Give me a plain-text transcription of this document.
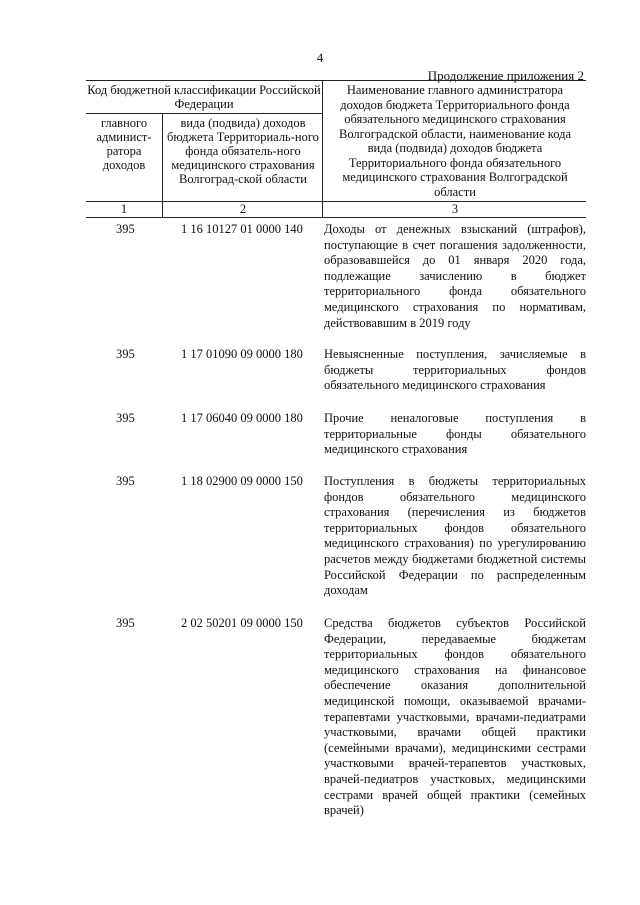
4
Продолжение приложения 2
Код бюджетной классификации Российской Федерации
главного админист-ратора доходов
вида (подвида) доходов бюджета Территориаль-ного фонда обязатель-ного медицинского страхования Волгоград-ской области
Наименование главного администратора доходов бюджета Территориального фонда обязательного медицинского страхования Волгоградской области, наименование кода вида (подвида) доходов бюджета Территориального фонда обязательного медицинского страхования Волгоградской области
1	2	3
395	1 16 10127 01 0000 140	Доходы от денежных взысканий (штрафов), поступающие в счет погашения задолженности, образовавшейся до 01 января 2020 года, подлежащие зачислению в бюджет территориального фонда обязательного медицинского страхования по нормативам, действовавшим в 2019 году
395	1 17 01090 09 0000 180	Невыясненные поступления, зачисляемые в бюджеты территориальных фондов обязательного медицинского страхования
395	1 17 06040 09 0000 180	Прочие неналоговые поступления в территориальные фонды обязательного медицинского страхования
395	1 18 02900 09 0000 150	Поступления в бюджеты территориальных фондов обязательного медицинского страхования (перечисления из бюджетов территориальных фондов обязательного медицинского страхования) по урегулированию расчетов между бюджетами бюджетной системы Российской Федерации по распределенным доходам
395	2 02 50201 09 0000 150	Средства бюджетов субъектов Российской Федерации, передаваемые бюджетам территориальных фондов обязательного медицинского страхования на финансовое обеспечение оказания дополнительной медицинской помощи, оказываемой врачами-терапевтами участковыми, врачами-педиатрами участковыми, врачами общей практики (семейными врачами), медицинскими сестрами участковыми врачей-терапевтов участковых, врачей-педиатров участковых, медицинскими сестрами врачей общей практики (семейных врачей)
